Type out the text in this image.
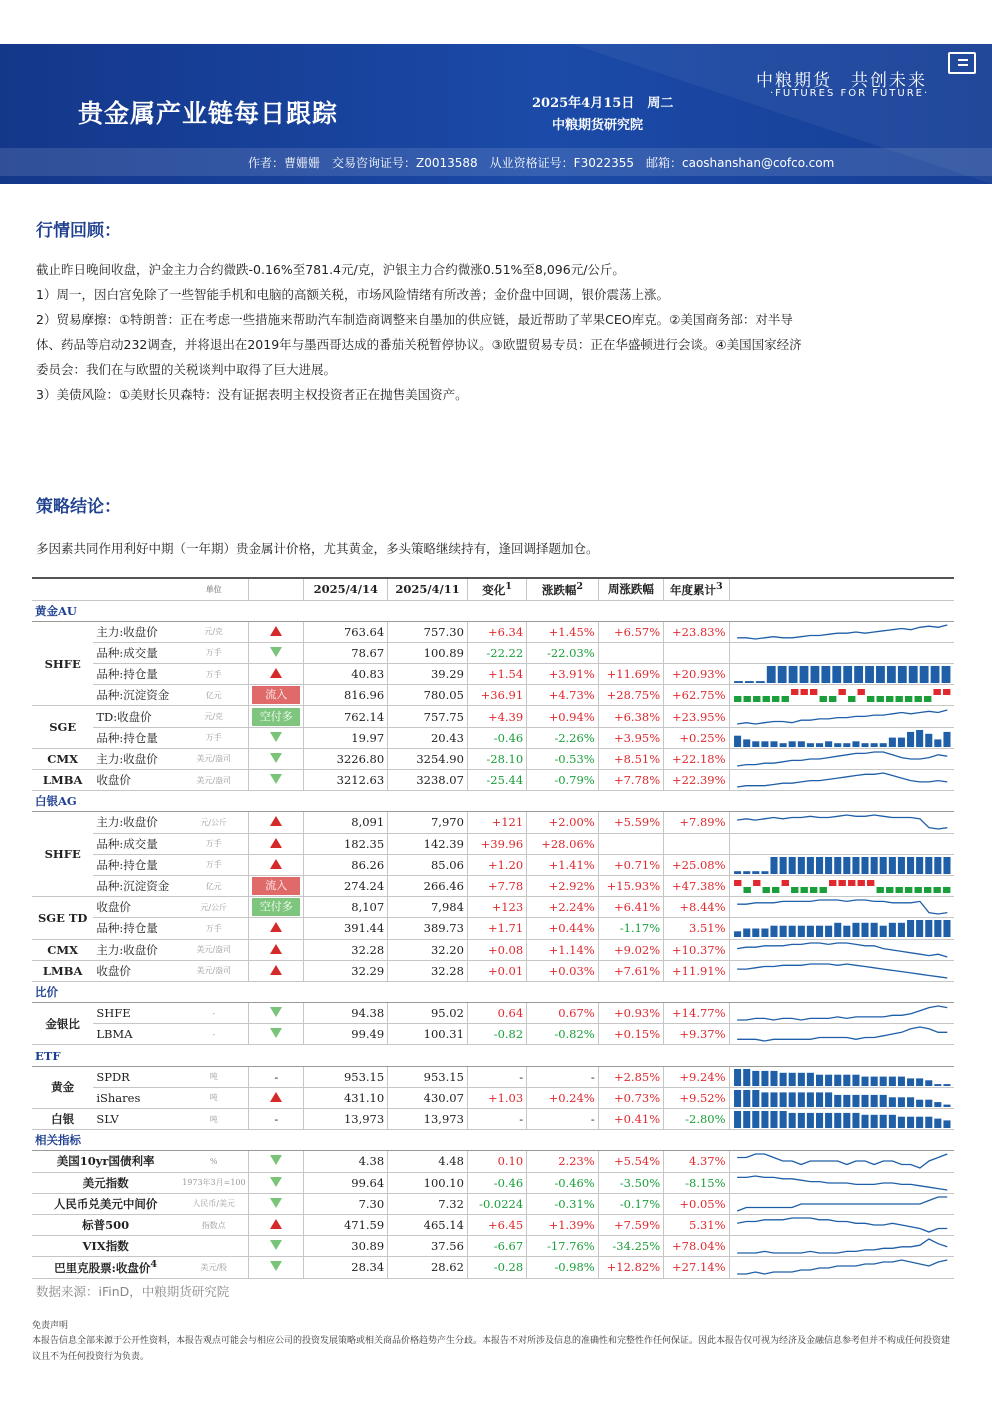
贵金属产业链每日跟踪	2025年4月15日　周二
中粮期货研究院
中粮期货　共创未来
·FUTURES FOR FUTURE·
作者：曹姗姗　交易咨询证号：Z0013588　从业资格证号：F3022355　邮箱：caoshanshan@cofco.com
行情回顾：
截止昨日晚间收盘，沪金主力合约微跌-0.16%至781.4元/克，沪银主力合约微涨0.51%至8,096元/公斤。
1）周一，因白宫免除了一些智能手机和电脑的高额关税，市场风险情绪有所改善；金价盘中回调，银价震荡上涨。
2）贸易摩擦：①特朗普：正在考虑一些措施来帮助汽车制造商调整来自墨加的供应链，最近帮助了苹果CEO库克。②美国商务部：对半导
体、药品等启动232调查，并将退出在2019年与墨西哥达成的番茄关税暂停协议。③欧盟贸易专员：正在华盛顿进行会谈。④美国国家经济
委员会：我们在与欧盟的关税谈判中取得了巨大进展。
3）美债风险：①美财长贝森特：没有证据表明主权投资者正在抛售美国资产。
策略结论：
多因素共同作用利好中期（一年期）贵金属计价格，尤其黄金，多头策略继续持有，逢回调择题加仓。
		单位		2025/4/14	2025/4/11	变化$^1$	涨跌幅$^2$	周涨跌幅	年度累计$^3$	
黄金AU										
SHFE	主力:收盘价	元/克		763.64	757.30	+6.34	+1.45%	+6.57%	+23.83%	

	品种:成交量	万手		78.67	100.89	-22.22	-22.03%			
	品种:持仓量	万手		40.83	39.29	+1.54	+3.91%	+11.69%	+20.93%	

	品种:沉淀资金	亿元	流入	816.96	780.05	+36.91	+4.73%	+28.75%	+62.75%	

SGE	TD:收盘价	元/克	空付多	762.14	757.75	+4.39	+0.94%	+6.38%	+23.95%	

	品种:持仓量	万手		19.97	20.43	-0.46	-2.26%	+3.95%	+0.25%	

CMX	主力:收盘价	美元/盎司		3226.80	3254.90	-28.10	-0.53%	+8.51%	+22.18%	

LMBA	收盘价	美元/盎司		3212.63	3238.07	-25.44	-0.79%	+7.78%	+22.39%	

白银AG										
SHFE	主力:收盘价	元/公斤		8,091	7,970	+121	+2.00%	+5.59%	+7.89%	

	品种:成交量	万手		182.35	142.39	+39.96	+28.06%			
	品种:持仓量	万手		86.26	85.06	+1.20	+1.41%	+0.71%	+25.08%	

	品种:沉淀资金	亿元	流入	274.24	266.46	+7.78	+2.92%	+15.93%	+47.38%	

SGE TD	收盘价	元/公斤	空付多	8,107	7,984	+123	+2.24%	+6.41%	+8.44%	

	品种:持仓量	万手		391.44	389.73	+1.71	+0.44%	-1.17%	3.51%	

CMX	主力:收盘价	美元/盎司		32.28	32.20	+0.08	+1.14%	+9.02%	+10.37%	

LMBA	收盘价	美元/盎司		32.29	32.28	+0.01	+0.03%	+7.61%	+11.91%	

比价										
金银比	SHFE	-		94.38	95.02	0.64	0.67%	+0.93%	+14.77%	

	LBMA	-		99.49	100.31	-0.82	-0.82%	+0.15%	+9.37%	

ETF										
黄金	SPDR	吨	-	953.15	953.15	-	-	+2.85%	+9.24%	

	iShares	吨		431.10	430.07	+1.03	+0.24%	+0.73%	+9.52%	

白银	SLV	吨	-	13,973	13,973	-	-	+0.41%	-2.80%	

相关指标										
美国10yr国债利率		%		4.38	4.48	0.10	2.23%	+5.54%	4.37%	

美元指数		1973年3月=100		99.64	100.10	-0.46	-0.46%	-3.50%	-8.15%	

人民币兑美元中间价		人民币/美元		7.30	7.32	-0.0224	-0.31%	-0.17%	+0.05%	

标普500		指数点		471.59	465.14	+6.45	+1.39%	+7.59%	5.31%	

VIX指数				30.89	37.56	-6.67	-17.76%	-34.25%	+78.04%	

巴里克股票:收盘价$^4$		美元/股		28.34	28.62	-0.28	-0.98%	+12.82%	+27.14%	
数据来源：iFinD，中粮期货研究院
免责声明
本报告信息全部来源于公开性资料，本报告观点可能会与相应公司的投资发展策略或相关商品价格趋势产生分歧。本报告不对所涉及信息的准确性和完整性作任何保证。因此本报告仅可视为经济及金融信息参考但并不构成任何投资建议且不为任何投资行为负责。
